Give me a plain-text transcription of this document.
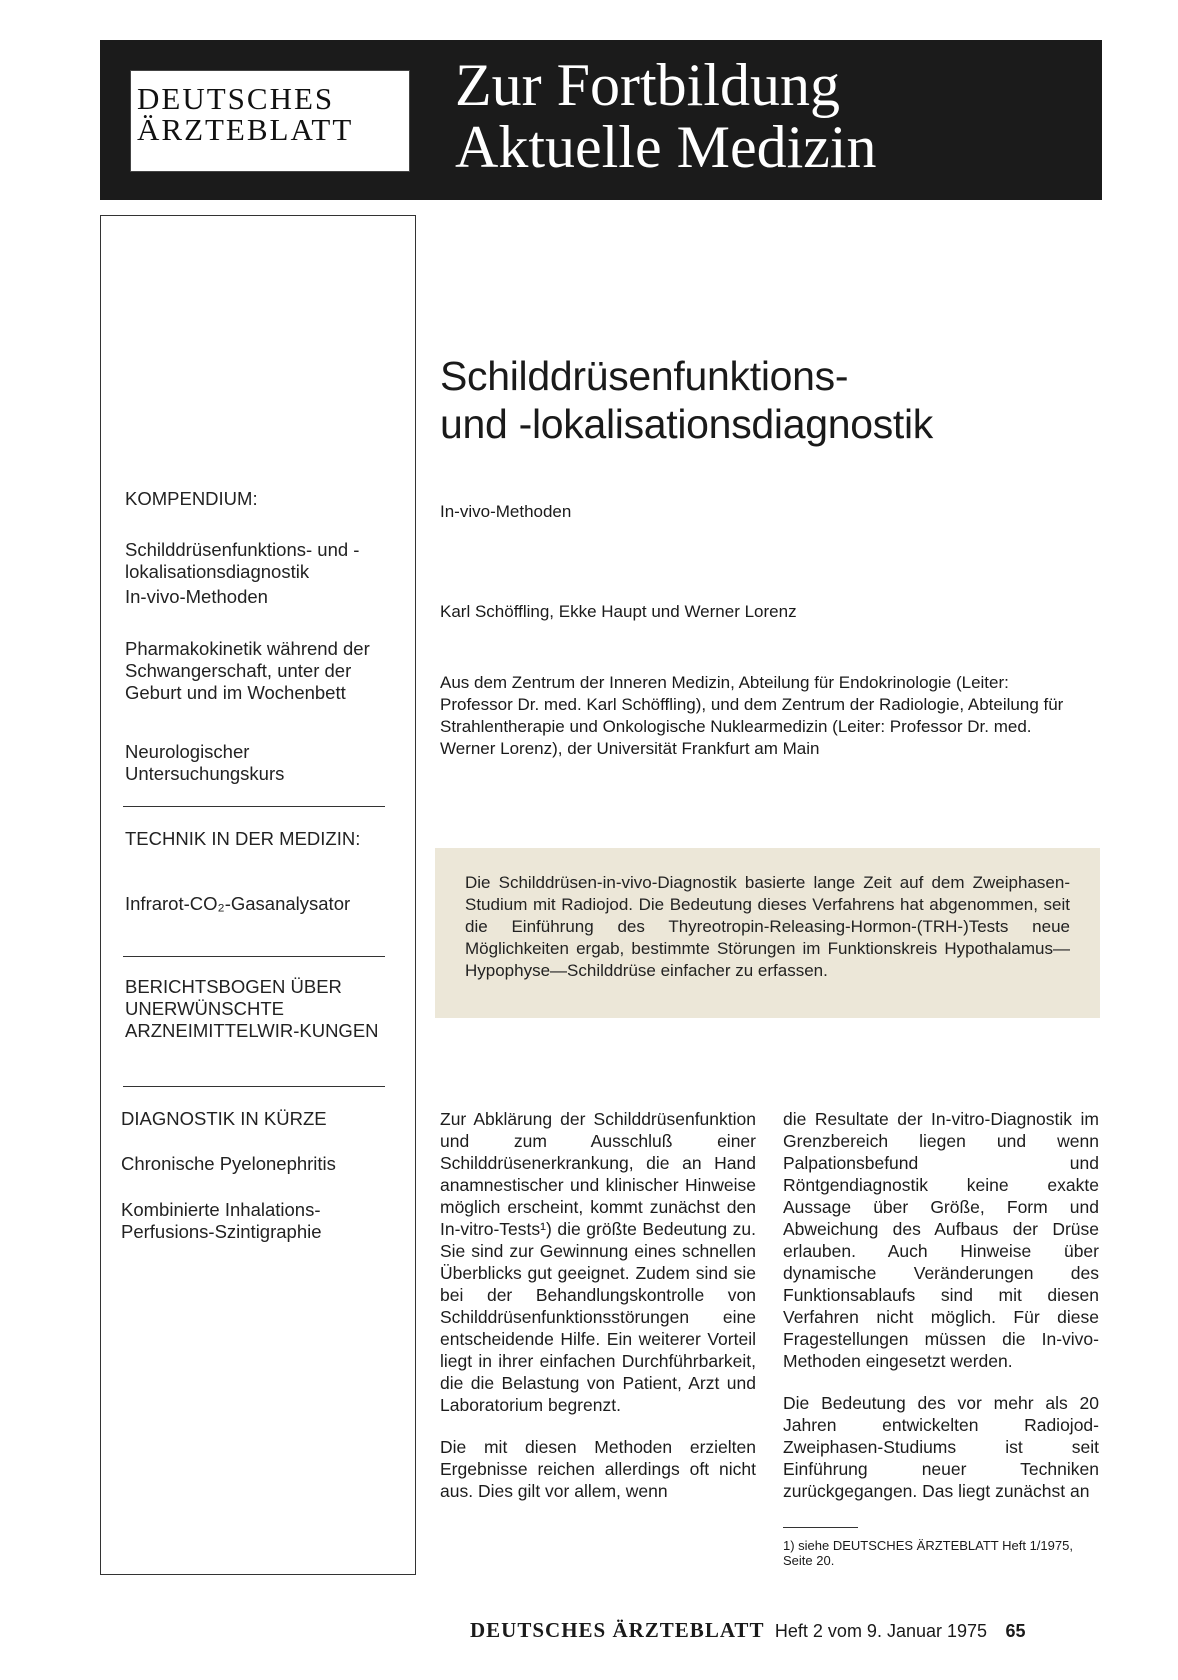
DEUTSCHES
ÄRZTEBLATT
Zur Fortbildung
Aktuelle Medizin
KOMPENDIUM:
Schilddrüsenfunktions- und -lokalisationsdiagnostik
In-vivo-Methoden
Pharmakokinetik während der Schwangerschaft, unter der Geburt und im Wochenbett
Neurologischer Untersuchungskurs
TECHNIK IN DER MEDIZIN:
Infrarot-CO₂-Gasanalysator
BERICHTSBOGEN ÜBER UNERWÜNSCHTE ARZNEIMITTELWIR-KUNGEN
DIAGNOSTIK IN KÜRZE
Chronische Pyelonephritis
Kombinierte Inhalations-Perfusions-Szintigraphie
Schilddrüsenfunktions-
und -lokalisationsdiagnostik
In-vivo-Methoden
Karl Schöffling, Ekke Haupt und Werner Lorenz
Aus dem Zentrum der Inneren Medizin, Abteilung für Endokrinologie (Leiter: Professor Dr. med. Karl Schöffling), und dem Zentrum der Radiologie, Abteilung für Strahlentherapie und Onkologische Nuklearmedizin (Leiter: Professor Dr. med. Werner Lorenz), der Universität Frankfurt am Main
Die Schilddrüsen-in-vivo-Diagnostik basierte lange Zeit auf dem Zweiphasen-Studium mit Radiojod. Die Bedeutung dieses Verfahrens hat abgenommen, seit die Einführung des Thyreotropin-Releasing-Hormon-(TRH-)Tests neue Möglichkeiten ergab, bestimmte Störungen im Funktionskreis Hypothalamus—Hypophyse—Schilddrüse einfacher zu erfassen.

Zur Abklärung der Schilddrüsenfunktion und zum Ausschluß einer Schilddrüsenerkrankung, die an Hand anamnestischer und klinischer Hinweise möglich erscheint, kommt zunächst den In-vitro-Tests¹) die größte Bedeutung zu. Sie sind zur Gewinnung eines schnellen Überblicks gut geeignet. Zudem sind sie bei der Behandlungskontrolle von Schilddrüsenfunktionsstörungen eine entscheidende Hilfe. Ein weiterer Vorteil liegt in ihrer einfachen Durchführbarkeit, die die Belastung von Patient, Arzt und Laboratorium begrenzt.

Die mit diesen Methoden erzielten Ergebnisse reichen allerdings oft nicht aus. Dies gilt vor allem, wenn

die Resultate der In-vitro-Diagnostik im Grenzbereich liegen und wenn Palpationsbefund und Röntgendiagnostik keine exakte Aussage über Größe, Form und Abweichung des Aufbaus der Drüse erlauben. Auch Hinweise über dynamische Veränderungen des Funktionsablaufs sind mit diesen Verfahren nicht möglich. Für diese Fragestellungen müssen die In-vivo-Methoden eingesetzt werden.

Die Bedeutung des vor mehr als 20 Jahren entwickelten Radiojod-Zweiphasen-Studiums ist seit Einführung neuer Techniken zurückgegangen. Das liegt zunächst an

1) siehe DEUTSCHES ÄRZTEBLATT Heft 1/1975, Seite 20.
DEUTSCHES ÄRZTEBLATT Heft 2 vom 9. Januar 1975 65
